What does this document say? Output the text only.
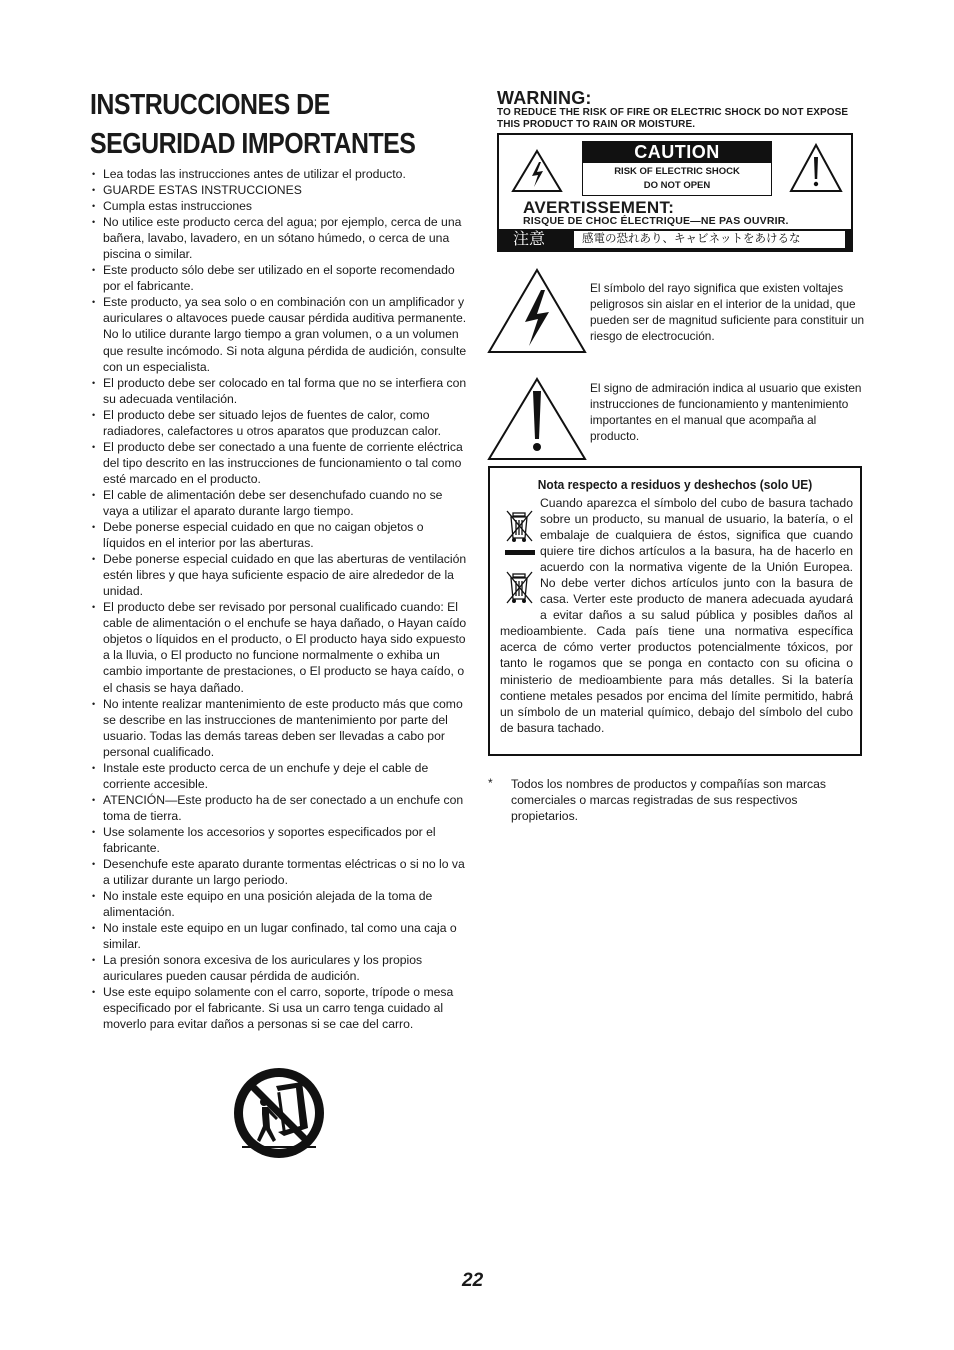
INSTRUCCIONES DE
SEGURIDAD IMPORTANTES
• Lea todas las instrucciones antes de utilizar el producto.
• GUARDE ESTAS INSTRUCCIONES
• Cumpla estas instrucciones
• No utilice este producto cerca del agua; por ejemplo, cerca de una bañera, lavabo, lavadero, en un sótano húmedo, o cerca de una piscina o similar.
• Este producto sólo debe ser utilizado en el soporte recomendado por el fabricante.
• Este producto, ya sea solo o en combinación con un amplificador y auriculares o altavoces puede causar pérdida auditiva permanente. No lo utilice durante largo tiempo a gran volumen, o a un volumen que resulte incómodo. Si nota alguna pérdida de audición, consulte con un especialista.
• El producto debe ser colocado en tal forma que no se interfiera con su adecuada ventilación.
• El producto debe ser situado lejos de fuentes de calor, como radiadores, calefactores u otros aparatos que produzcan calor.
• El producto debe ser conectado a una fuente de corriente eléctrica del tipo descrito en las instrucciones de funcionamiento o tal como esté marcado en el producto.
• El cable de alimentación debe ser desenchufado cuando no se vaya a utilizar el aparato durante largo tiempo.
• Debe ponerse especial cuidado en que no caigan objetos o líquidos en el interior por las aberturas.
• Debe ponerse especial cuidado en que las aberturas de ventilación estén libres y que haya suficiente espacio de aire alrededor de la unidad.
• El producto debe ser revisado por personal cualificado cuando: El cable de alimentación o el enchufe se haya dañado, o Hayan caído objetos o líquidos en el producto, o El producto haya sido expuesto a la lluvia, o El producto no funcione normalmente o exhiba un cambio importante de prestaciones, o El producto se haya caído, o el chasis se haya dañado.
• No intente realizar mantenimiento de este producto más que como se describe en las instrucciones de mantenimiento por parte del usuario. Todas las demás tareas deben ser llevadas a cabo por personal cualificado.
• Instale este producto cerca de un enchufe y deje el cable de corriente accesible.
• ATENCIÓN—Este producto ha de ser conectado a un enchufe con toma de tierra.
• Use solamente los accesorios y soportes especificados por el fabricante.
• Desenchufe este aparato durante tormentas eléctricas o si no lo va a utilizar durante un largo periodo.
• No instale este equipo en una posición alejada de la toma de alimentación.
• No instale este equipo en un lugar confinado, tal como una caja o similar.
• La presión sonora excesiva de los auriculares y los propios auriculares pueden causar pérdida de audición.
• Use este equipo solamente con el carro, soporte, trípode o mesa especificado por el fabricante. Si usa un carro tenga cuidado al moverlo para evitar daños a personas si se cae del carro.
WARNING:
TO REDUCE THE RISK OF FIRE OR ELECTRIC SHOCK DO NOT EXPOSE THIS PRODUCT TO RAIN OR MOISTURE.
CAUTION
RISK OF ELECTRIC SHOCK
DO NOT OPEN
AVERTISSEMENT:
RISQUE DE CHOC ÉLECTRIQUE—NE PAS OUVRIR.
注意	感電の恐れあり、キャビネットをあけるな
El símbolo del rayo significa que existen voltajes peligrosos sin aislar en el interior de la unidad, que pueden ser de magnitud suficiente para constituir un riesgo de electrocución.
El signo de admiración indica al usuario que existen instrucciones de funcionamiento y mantenimiento importantes en el manual que acompaña al producto.
Nota respecto a residuos y deshechos (solo UE)
Cuando aparezca el símbolo del cubo de basura tachado sobre un producto, su manual de usuario, la batería, o el embalaje de cualquiera de éstos, significa que cuando quiere tire dichos artículos a la basura, ha de hacerlo en acuerdo con la normativa vigente de la Unión Europea. No debe verter dichos artículos junto con la basura de casa. Verter este producto de manera adecuada ayudará a evitar daños a su salud pública y posibles daños al medioambiente. Cada país tiene una normativa específica acerca de cómo verter productos potencialmente tóxicos, por tanto le rogamos que se ponga en contacto con su oficina o ministerio de medioambiente para más detalles. Si la batería contiene metales pesados por encima del límite permitido, habrá un símbolo de un material químico, debajo del símbolo del cubo de basura tachado.
* Todos los nombres de productos y compañías son marcas comerciales o marcas registradas de sus respectivos propietarios.
22
